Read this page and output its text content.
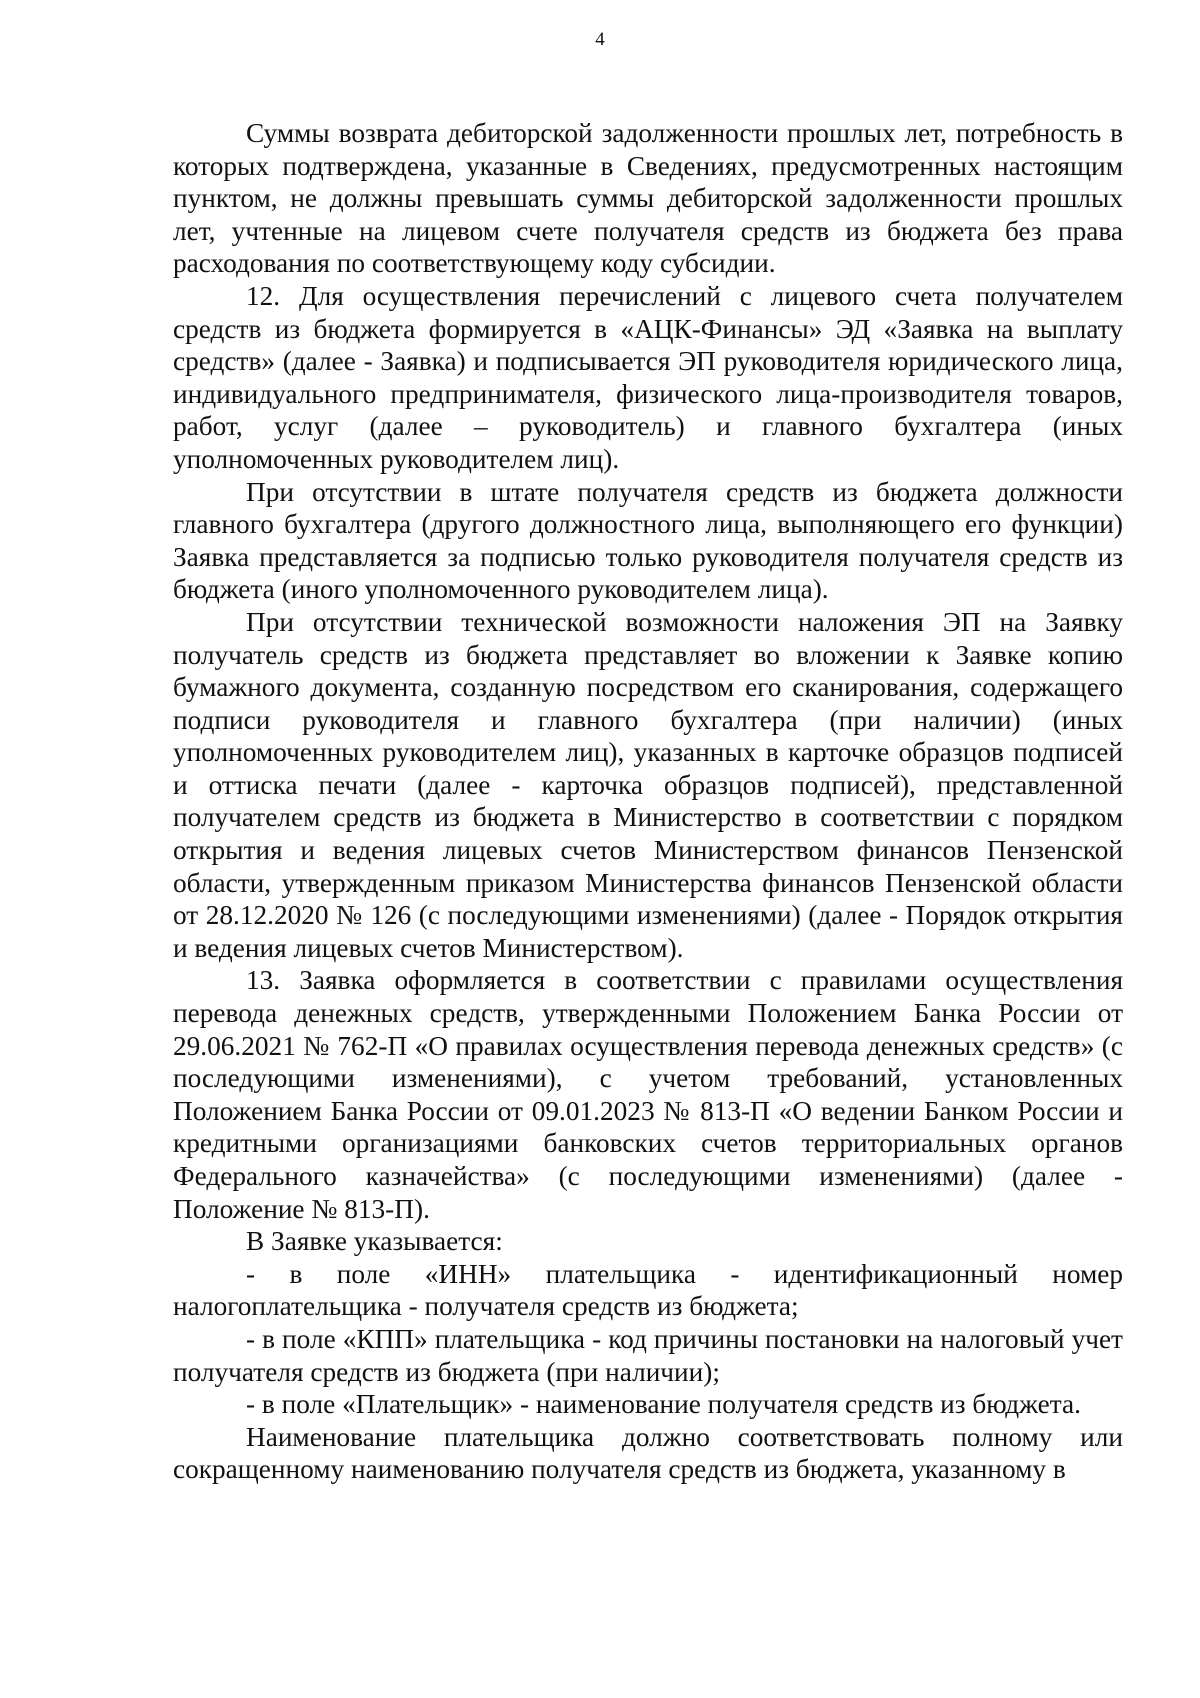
4

Суммы возврата дебиторской задолженности прошлых лет, потребность в которых подтверждена, указанные в Сведениях, предусмотренных настоящим пунктом, не должны превышать суммы дебиторской задолженности прошлых лет, учтенные на лицевом счете получателя средств из бюджета без права расходования по соответствующему коду субсидии.

12. Для осуществления перечислений с лицевого счета получателем средств из бюджета формируется в «АЦК-Финансы» ЭД «Заявка на выплату средств» (далее - Заявка) и подписывается ЭП руководителя юридического лица, индивидуального предпринимателя, физического лица-производителя товаров, работ, услуг (далее – руководитель) и главного бухгалтера (иных уполномоченных руководителем лиц).

При отсутствии в штате получателя средств из бюджета должности главного бухгалтера (другого должностного лица, выполняющего его функции) Заявка представляется за подписью только руководителя получателя средств из бюджета (иного уполномоченного руководителем лица).

При отсутствии технической возможности наложения ЭП на Заявку получатель средств из бюджета представляет во вложении к Заявке копию бумажного документа, созданную посредством его сканирования, содержащего подписи руководителя и главного бухгалтера (при наличии) (иных уполномоченных руководителем лиц), указанных в карточке образцов подписей и оттиска печати (далее - карточка образцов подписей), представленной получателем средств из бюджета в Министерство в соответствии с порядком открытия и ведения лицевых счетов Министерством финансов Пензенской области, утвержденным приказом Министерства финансов Пензенской области от 28.12.2020 № 126 (с последующими изменениями) (далее - Порядок открытия и ведения лицевых счетов Министерством).

13. Заявка оформляется в соответствии с правилами осуществления перевода денежных средств, утвержденными Положением Банка России от 29.06.2021 № 762-П «О правилах осуществления перевода денежных средств» (с последующими изменениями), с учетом требований, установленных Положением Банка России от 09.01.2023 № 813-П «О ведении Банком России и кредитными организациями банковских счетов территориальных органов Федерального казначейства» (с последующими изменениями) (далее - Положение № 813-П).

В Заявке указывается:

- в поле «ИНН» плательщика - идентификационный номер налогоплательщика - получателя средств из бюджета;

- в поле «КПП» плательщика - код причины постановки на налоговый учет получателя средств из бюджета (при наличии);

- в поле «Плательщик» - наименование получателя средств из бюджета.

Наименование плательщика должно соответствовать полному или сокращенному наименованию получателя средств из бюджета, указанному в
